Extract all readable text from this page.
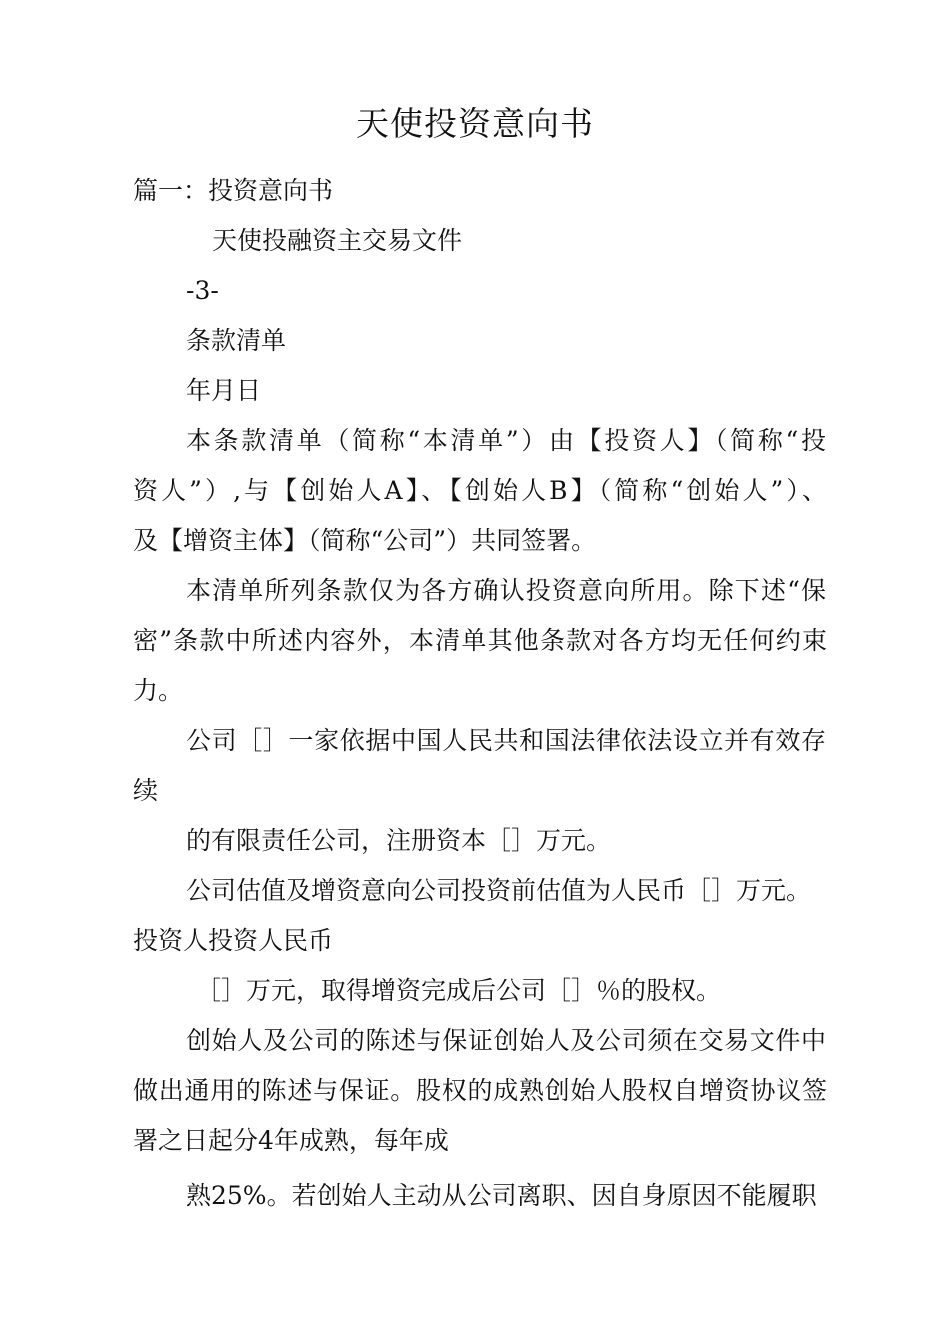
天使投资意向书
篇一：投资意向书
天使投融资主交易文件
-3-
条款清单
年月日
本条款清单（简称“本清单”）由【投资人】（简称“投
资人”）,与【创始人A】、【创始人B】（简称“创始人”）、
及【增资主体】（简称“公司”）共同签署。
本清单所列条款仅为各方确认投资意向所用。除下述“保
密”条款中所述内容外，本清单其他条款对各方均无任何约束
力。
公司［］一家依据中国人民共和国法律依法设立并有效存
续
的有限责任公司，注册资本［］万元。
公司估值及增资意向公司投资前估值为人民币［］万元。
投资人投资人民币
［］万元，取得增资完成后公司［］％的股权。
创始人及公司的陈述与保证创始人及公司须在交易文件中
做出通用的陈述与保证。股权的成熟创始人股权自增资协议签
署之日起分4年成熟，每年成
熟25%。若创始人主动从公司离职、因自身原因不能履职
